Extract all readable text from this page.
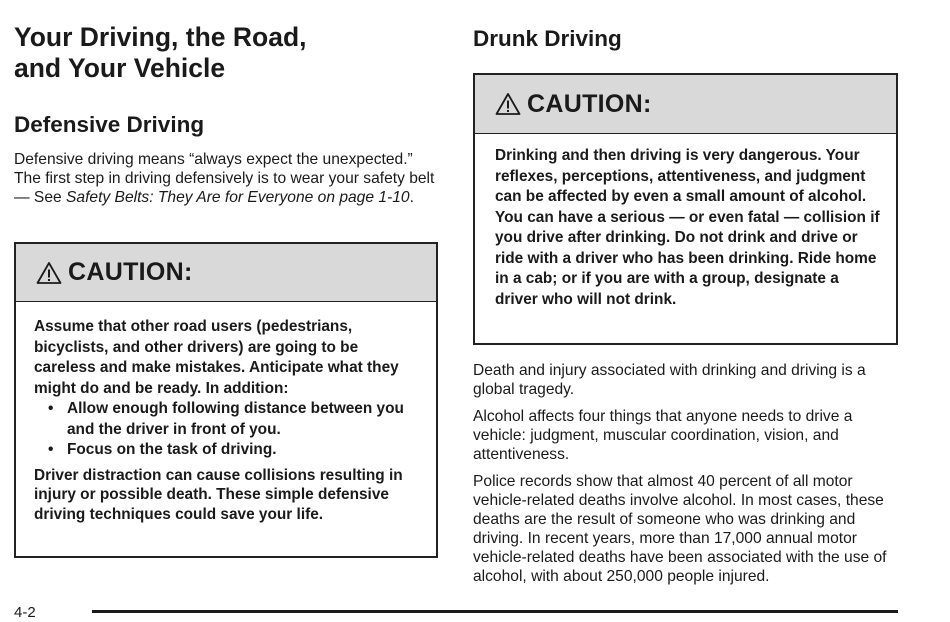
Your Driving, the Road,
and Your Vehicle
Defensive Driving

Defensive driving means “always expect the unexpected.” The first step in driving defensively is to wear your safety belt — See Safety Belts: They Are for Everyone on page 1-10.

CAUTION:

Assume that other road users (pedestrians, bicyclists, and other drivers) are going to be careless and make mistakes. Anticipate what they might do and be ready. In addition:

• Allow enough following distance between you and the driver in front of you.
• Focus on the task of driving.

Driver distraction can cause collisions resulting in injury or possible death. These simple defensive driving techniques could save your life.

Drunk Driving
CAUTION:

Drinking and then driving is very dangerous. Your reflexes, perceptions, attentiveness, and judgment can be affected by even a small amount of alcohol. You can have a serious — or even fatal — collision if you drive after drinking. Do not drink and drive or ride with a driver who has been drinking. Ride home in a cab; or if you are with a group, designate a driver who will not drink.

Death and injury associated with drinking and driving is a global tragedy.

Alcohol affects four things that anyone needs to drive a vehicle: judgment, muscular coordination, vision, and attentiveness.

Police records show that almost 40 percent of all motor vehicle-related deaths involve alcohol. In most cases, these deaths are the result of someone who was drinking and driving. In recent years, more than 17,000 annual motor vehicle-related deaths have been associated with the use of alcohol, with about 250,000 people injured.

4-2
